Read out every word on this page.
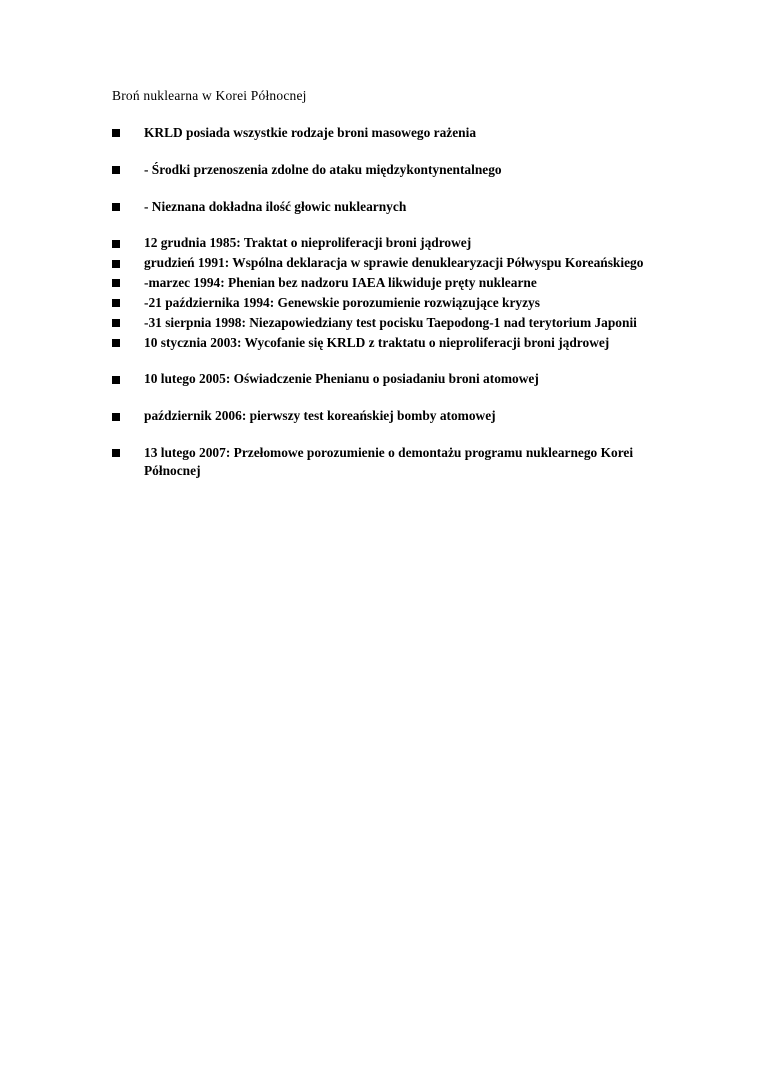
Broń nuklearna w Korei Północnej

KRLD posiada wszystkie rodzaje broni masowego rażenia
- Środki przenoszenia zdolne do ataku międzykontynentalnego
- Nieznana dokładna ilość głowic nuklearnych
12 grudnia 1985: Traktat o nieproliferacji broni jądrowej
grudzień 1991: Wspólna deklaracja w sprawie denuklearyzacji Półwyspu Koreańskiego
-marzec 1994: Phenian bez nadzoru IAEA likwiduje pręty nuklearne
-21 października 1994: Genewskie porozumienie rozwiązujące kryzys
-31 sierpnia 1998: Niezapowiedziany test pocisku Taepodong-1 nad terytorium Japonii
10 stycznia 2003: Wycofanie się KRLD z traktatu o nieproliferacji broni jądrowej
10 lutego 2005: Oświadczenie Phenianu o posiadaniu broni atomowej
październik 2006: pierwszy test koreańskiej bomby atomowej
13 lutego 2007: Przełomowe porozumienie o demontażu programu nuklearnego Korei Północnej
